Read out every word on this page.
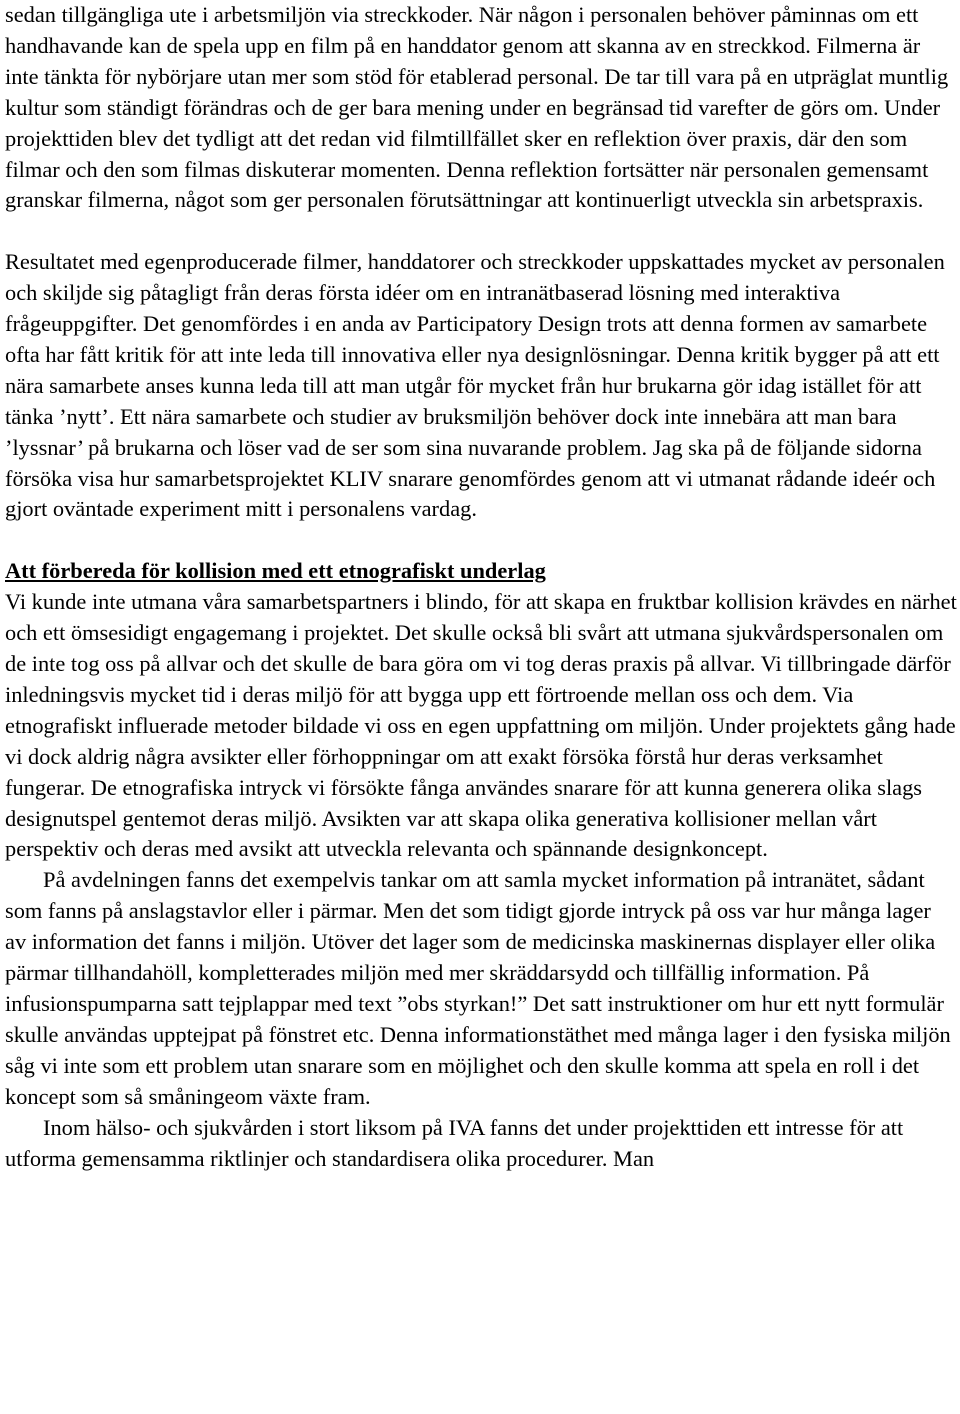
sedan tillgängliga ute i arbetsmiljön via streckkoder. När någon i personalen behöver påminnas om ett handhavande kan de spela upp en film på en handdator genom att skanna av en streckkod. Filmerna är inte tänkta för nybörjare utan mer som stöd för etablerad personal. De tar till vara på en utpräglat muntlig kultur som ständigt förändras och de ger bara mening under en begränsad tid varefter de görs om. Under projekttiden blev det tydligt att det redan vid filmtillfället sker en reflektion över praxis, där den som filmar och den som filmas diskuterar momenten. Denna reflektion fortsätter när personalen gemensamt granskar filmerna, något som ger personalen förutsättningar att kontinuerligt utveckla sin arbetspraxis.

Resultatet med egenproducerade filmer, handdatorer och streckkoder uppskattades mycket av personalen och skiljde sig påtagligt från deras första idéer om en intranätbaserad lösning med interaktiva frågeuppgifter. Det genomfördes i en anda av Participatory Design trots att denna formen av samarbete ofta har fått kritik för att inte leda till innovativa eller nya designlösningar. Denna kritik bygger på att ett nära samarbete anses kunna leda till att man utgår för mycket från hur brukarna gör idag istället för att tänka ’nytt’. Ett nära samarbete och studier av bruksmiljön behöver dock inte innebära att man bara ’lyssnar’ på brukarna och löser vad de ser som sina nuvarande problem. Jag ska på de följande sidorna försöka visa hur samarbetsprojektet KLIV snarare genomfördes genom att vi utmanat rådande ideér och gjort oväntade experiment mitt i personalens vardag.

Att förbereda för kollision med ett etnografiskt underlag

Vi kunde inte utmana våra samarbetspartners i blindo, för att skapa en fruktbar kollision krävdes en närhet och ett ömsesidigt engagemang i projektet. Det skulle också bli svårt att utmana sjukvårdspersonalen om de inte tog oss på allvar och det skulle de bara göra om vi tog deras praxis på allvar. Vi tillbringade därför inledningsvis mycket tid i deras miljö för att bygga upp ett förtroende mellan oss och dem. Via etnografiskt influerade metoder bildade vi oss en egen uppfattning om miljön. Under projektets gång hade vi dock aldrig några avsikter eller förhoppningar om att exakt försöka förstå hur deras verksamhet fungerar. De etnografiska intryck vi försökte fånga användes snarare för att kunna generera olika slags designutspel gentemot deras miljö. Avsikten var att skapa olika generativa kollisioner mellan vårt perspektiv och deras med avsikt att utveckla relevanta och spännande designkoncept.

På avdelningen fanns det exempelvis tankar om att samla mycket information på intranätet, sådant som fanns på anslagstavlor eller i pärmar. Men det som tidigt gjorde intryck på oss var hur många lager av information det fanns i miljön. Utöver det lager som de medicinska maskinernas displayer eller olika pärmar tillhandahöll, kompletterades miljön med mer skräddarsydd och tillfällig information. På infusionspumparna satt tejplappar med text ”obs styrkan!” Det satt instruktioner om hur ett nytt formulär skulle användas upptejpat på fönstret etc. Denna informationstäthet med många lager i den fysiska miljön såg vi inte som ett problem utan snarare som en möjlighet och den skulle komma att spela en roll i det koncept som så småningeom växte fram.

Inom hälso- och sjukvården i stort liksom på IVA fanns det under projekttiden ett intresse för att utforma gemensamma riktlinjer och standardisera olika procedurer. Man
